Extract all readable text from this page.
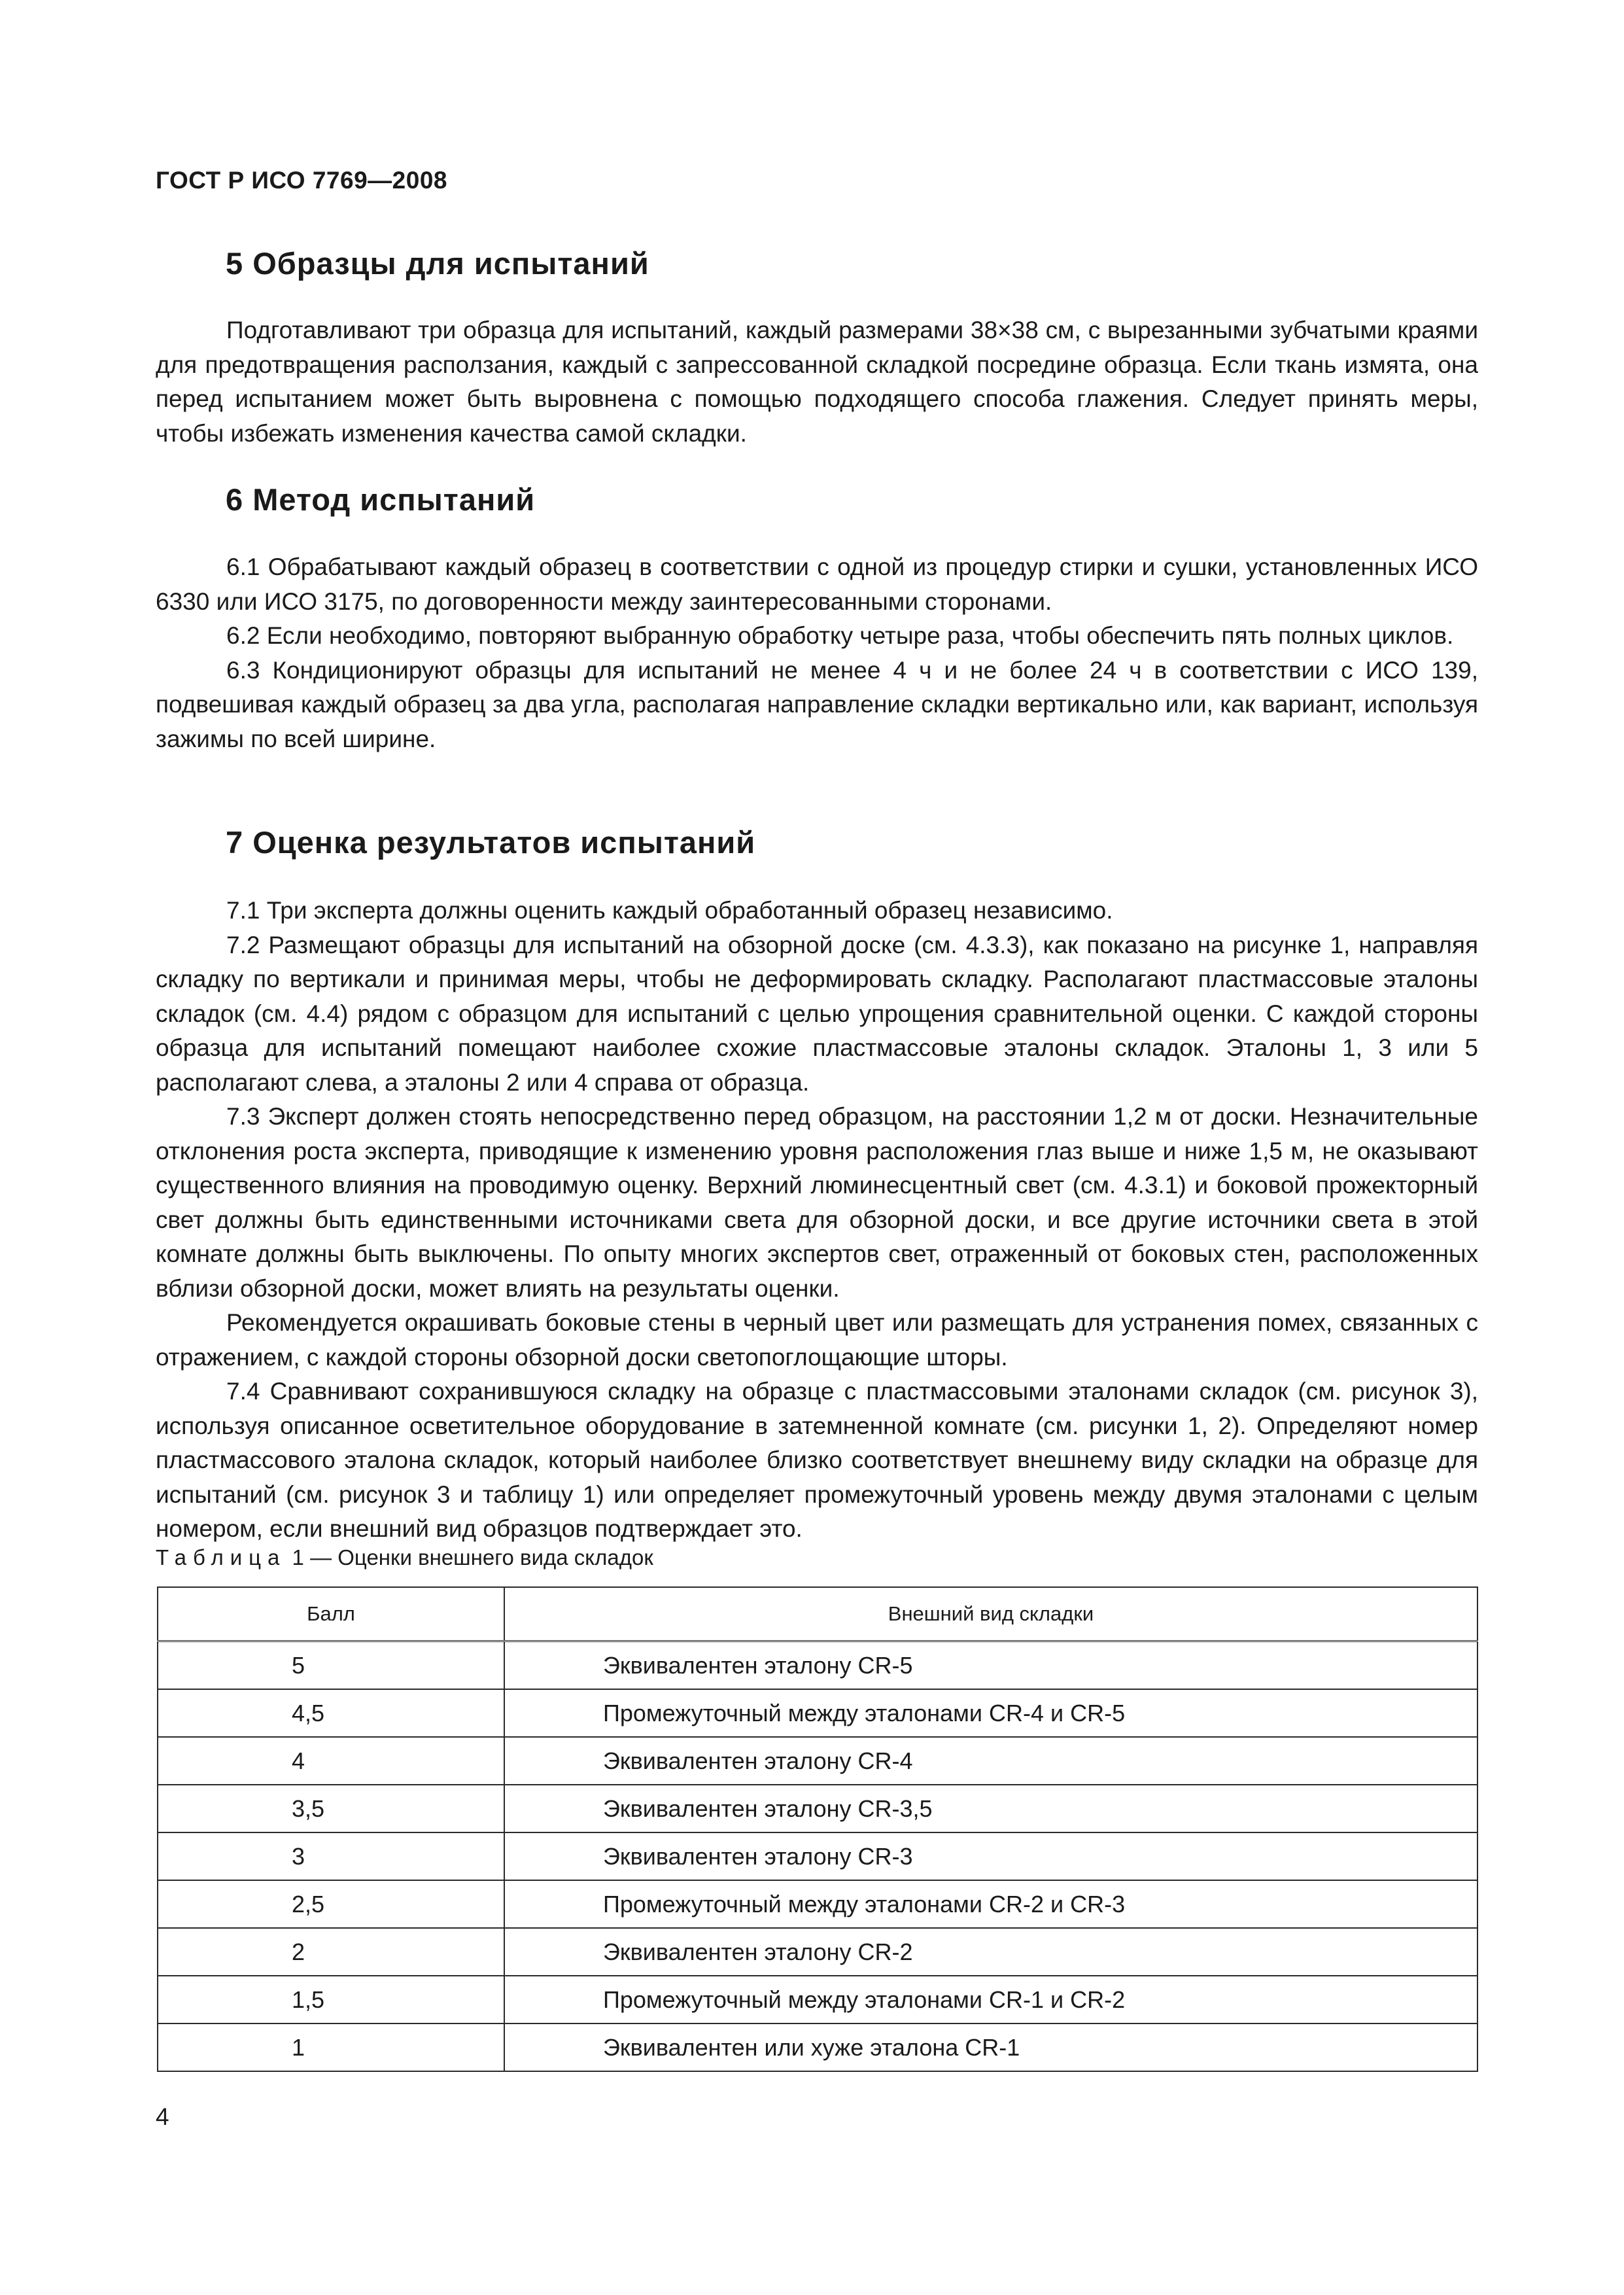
ГОСТ Р ИСО 7769—2008
5 Образцы для испытаний

Подготавливают три образца для испытаний, каждый размерами 38×38 см, с вырезанными зубчатыми краями для предотвращения расползания, каждый с запрессованной складкой посредине образца. Если ткань измята, она перед испытанием может быть выровнена с помощью подходящего способа глажения. Следует принять меры, чтобы избежать изменения качества самой складки.

6 Метод испытаний

6.1 Обрабатывают каждый образец в соответствии с одной из процедур стирки и сушки, установленных ИСО 6330 или ИСО 3175, по договоренности между заинтересованными сторонами.

6.2 Если необходимо, повторяют выбранную обработку четыре раза, чтобы обеспечить пять полных циклов.

6.3 Кондиционируют образцы для испытаний не менее 4 ч и не более 24 ч в соответствии с ИСО 139, подвешивая каждый образец за два угла, располагая направление складки вертикально или, как вариант, используя зажимы по всей ширине.

7 Оценка результатов испытаний

7.1 Три эксперта должны оценить каждый обработанный образец независимо.

7.2 Размещают образцы для испытаний на обзорной доске (см. 4.3.3), как показано на рисунке 1, направляя складку по вертикали и принимая меры, чтобы не деформировать складку. Располагают пластмассовые эталоны складок (см. 4.4) рядом с образцом для испытаний с целью упрощения сравнительной оценки. С каждой стороны образца для испытаний помещают наиболее схожие пластмассовые эталоны складок. Эталоны 1, 3 или 5 располагают слева, а эталоны 2 или 4 справа от образца.

7.3 Эксперт должен стоять непосредственно перед образцом, на расстоянии 1,2 м от доски. Незначительные отклонения роста эксперта, приводящие к изменению уровня расположения глаз выше и ниже 1,5 м, не оказывают существенного влияния на проводимую оценку. Верхний люминесцентный свет (см. 4.3.1) и боковой прожекторный свет должны быть единственными источниками света для обзорной доски, и все другие источники света в этой комнате должны быть выключены. По опыту многих экспертов свет, отраженный от боковых стен, расположенных вблизи обзорной доски, может влиять на результаты оценки.

Рекомендуется окрашивать боковые стены в черный цвет или размещать для устранения помех, связанных с отражением, с каждой стороны обзорной доски светопоглощающие шторы.

7.4 Сравнивают сохранившуюся складку на образце с пластмассовыми эталонами складок (см. рисунок 3), используя описанное осветительное оборудование в затемненной комнате (см. рисунки 1, 2). Определяют номер пластмассового эталона складок, который наиболее близко соответствует внешнему виду складки на образце для испытаний (см. рисунок 3 и таблицу 1) или определяет промежуточный уровень между двумя эталонами с целым номером, если внешний вид образцов подтверждает это.

Таблица 1 — Оценки внешнего вида складок
Балл	Внешний вид складки
5	Эквивалентен эталону CR-5
4,5	Промежуточный между эталонами CR-4 и CR-5
4	Эквивалентен эталону CR-4
3,5	Эквивалентен эталону CR-3,5
3	Эквивалентен эталону CR-3
2,5	Промежуточный между эталонами CR-2 и CR-3
2	Эквивалентен эталону CR-2
1,5	Промежуточный между эталонами CR-1 и CR-2
1	Эквивалентен или хуже эталона CR-1
4
